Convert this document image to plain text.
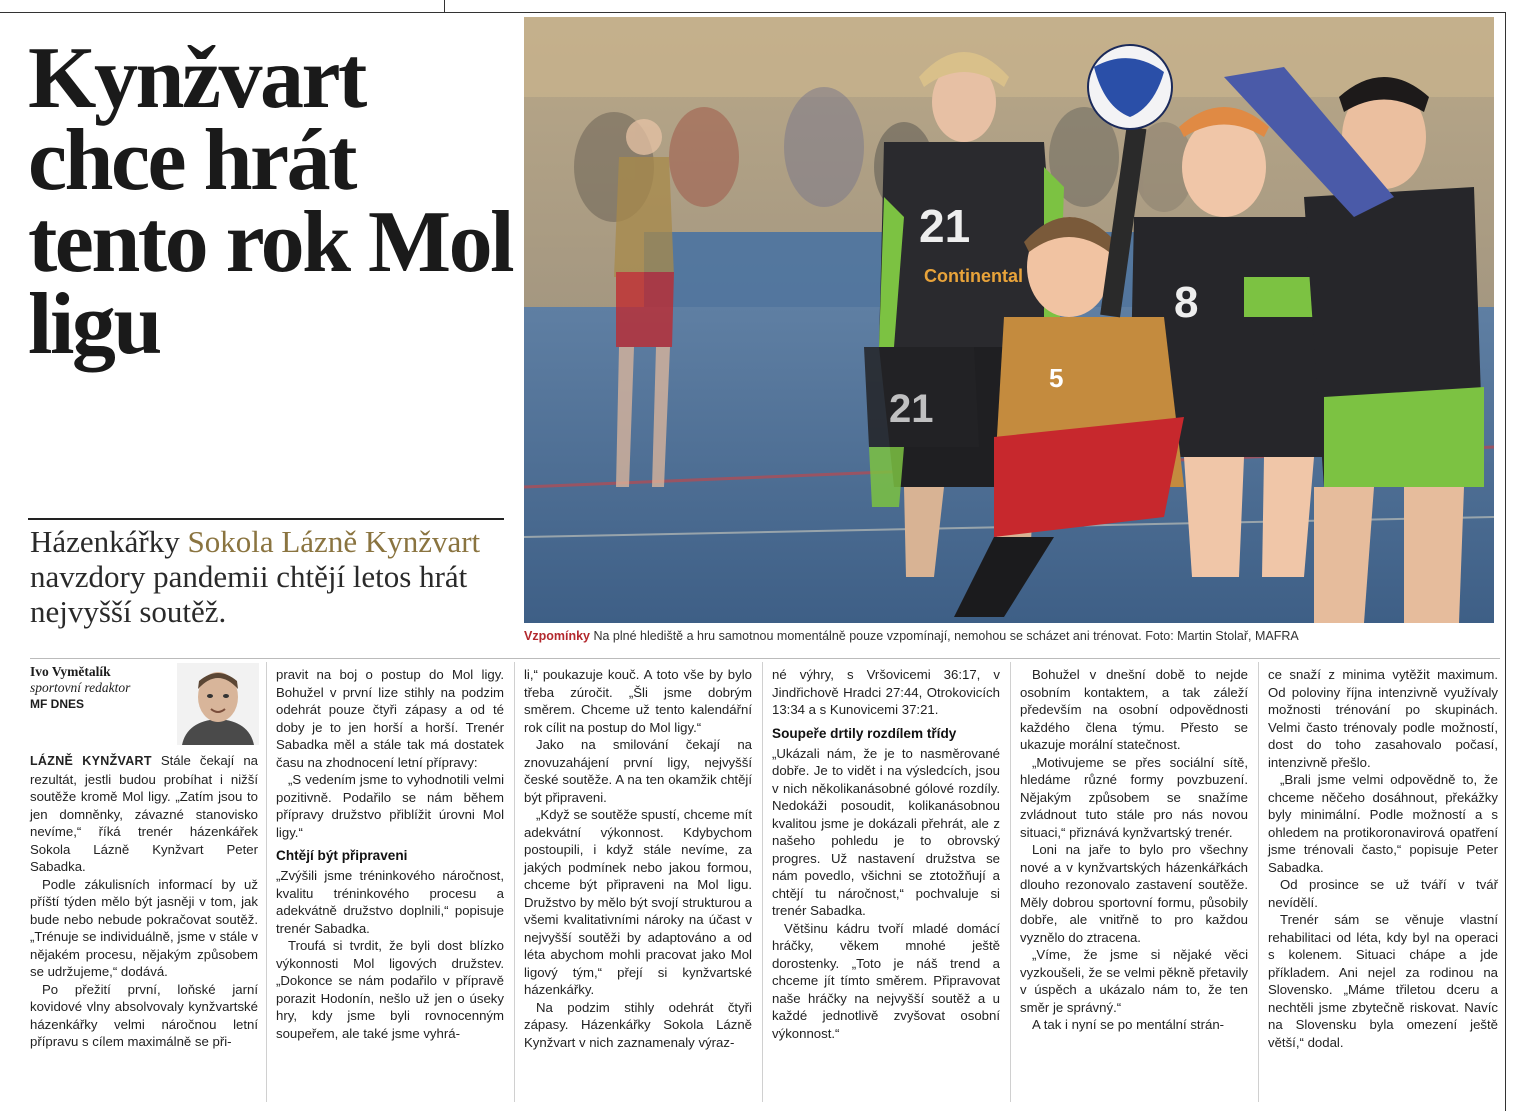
Kynžvart chce hrát tento rok Mol ligu
Házenkářky Sokola Lázně Kynžvart navzdory pandemii chtějí letos hrát nejvyšší soutěž.
21
Continental
21
8
5
Vzpomínky Na plné hlediště a hru samotnou momentálně pouze vzpomínají, nemohou se scházet ani trénovat. Foto: Martin Stolař, MAFRA
Ivo Vymětalík
sportovní redaktor
MF DNES

LÁZNĚ KYNŽVART Stále čekají na rezultát, jestli budou probíhat i nižší soutěže kromě Mol ligy. „Zatím jsou to jen domněnky, závazné stanovisko nevíme,“ říká trenér házenkářek Sokola Lázně Kynžvart Peter Sabadka.

Podle zákulisních informací by už příští týden mělo být jasněji v tom, jak bude nebo nebude pokračovat soutěž. „Trénuje se individuálně, jsme v stále v nějakém procesu, nějakým způsobem se udržujeme,“ dodává.

Po přežití první, loňské jarní kovidové vlny absolvovaly kynžvartské házenkářky velmi náročnou letní přípravu s cílem maximálně se při-

pravit na boj o postup do Mol ligy. Bohužel v první lize stihly na podzim odehrát pouze čtyři zápasy a od té doby je to jen horší a horší. Trenér Sabadka měl a stále tak má dostatek času na zhodnocení letní přípravy:

„S vedením jsme to vyhodnotili velmi pozitivně. Podařilo se nám během přípravy družstvo přiblížit úrovni Mol ligy.“

Chtějí být připraveni

„Zvýšili jsme tréninkového náročnost, kvalitu tréninkového procesu a adekvátně družstvo doplnili,“ popisuje trenér Sabadka.

Troufá si tvrdit, že byli dost blízko výkonnosti Mol ligových družstev. „Dokonce se nám podařilo v přípravě porazit Hodonín, nešlo už jen o úseky hry, kdy jsme byli rovnocenným soupeřem, ale také jsme vyhrá-

li,“ poukazuje kouč. A toto vše by bylo třeba zúročit. „Šli jsme dobrým směrem. Chceme už tento kalendářní rok cílit na postup do Mol ligy.“

Jako na smilování čekají na znovuzahájení první ligy, nejvyšší české soutěže. A na ten okamžik chtějí být připraveni.

„Když se soutěže spustí, chceme mít adekvátní výkonnost. Kdybychom postoupili, i když stále nevíme, za jakých podmínek nebo jakou formou, chceme být připraveni na Mol ligu. Družstvo by mělo být svojí strukturou a všemi kvalitativními nároky na účast v nejvyšší soutěži by adaptováno a od léta abychom mohli pracovat jako Mol ligový tým,“ přejí si kynžvartské házenkářky.

Na podzim stihly odehrát čtyři zápasy. Házenkářky Sokola Lázně Kynžvart v nich zaznamenaly výraz-

né výhry, s Vršovicemi 36:17, v Jindřichově Hradci 27:44, Otrokovicích 13:34 a s Kunovicemi 37:21.

Soupeře drtily rozdílem třídy

„Ukázali nám, že je to nasměrované dobře. Je to vidět i na výsledcích, jsou v nich několikanásobné gólové rozdíly. Nedokáži posoudit, kolikanásobnou kvalitou jsme je dokázali přehrát, ale z našeho pohledu je to obrovský progres. Už nastavení družstva se nám povedlo, všichni se ztotožňují a chtějí tu náročnost,“ pochvaluje si trenér Sabadka.

Většinu kádru tvoří mladé domácí hráčky, věkem mnohé ještě dorostenky. „Toto je náš trend a chceme jít tímto směrem. Připravovat naše hráčky na nejvyšší soutěž a u každé jednotlivě zvyšovat osobní výkonnost.“

Bohužel v dnešní době to nejde osobním kontaktem, a tak záleží především na osobní odpovědnosti každého člena týmu. Přesto se ukazuje morální statečnost.

„Motivujeme se přes sociální sítě, hledáme různé formy povzbuzení. Nějakým způsobem se snažíme zvládnout tuto stále pro nás novou situaci,“ přiznává kynžvartský trenér.

Loni na jaře to bylo pro všechny nové a v kynžvartských házenkářkách dlouho rezonovalo zastavení soutěže. Měly dobrou sportovní formu, působily dobře, ale vnitřně to pro každou vyznělo do ztracena.

„Víme, že jsme si nějaké věci vyzkoušeli, že se velmi pěkně přetavily v úspěch a ukázalo nám to, že ten směr je správný.“

A tak i nyní se po mentální strán-

ce snaží z minima vytěžit maximum. Od poloviny října intenzivně využívaly možnosti trénování po skupinách. Velmi často trénovaly podle možností, dost do toho zasahovalo počasí, intenzivně přešlo.

„Brali jsme velmi odpovědně to, že chceme něčeho dosáhnout, překážky byly minimální. Podle možností a s ohledem na protikoronavirová opatření jsme trénovali často,“ popisuje Peter Sabadka.

Od prosince se už tváří v tvář nevídělí.

Trenér sám se věnuje vlastní rehabilitaci od léta, kdy byl na operaci s kolenem. Situaci chápe a jde příkladem. Ani nejel za rodinou na Slovensko. „Máme třiletou dceru a nechtěli jsme zbytečně riskovat. Navíc na Slovensku byla omezení ještě větší,“ dodal.
